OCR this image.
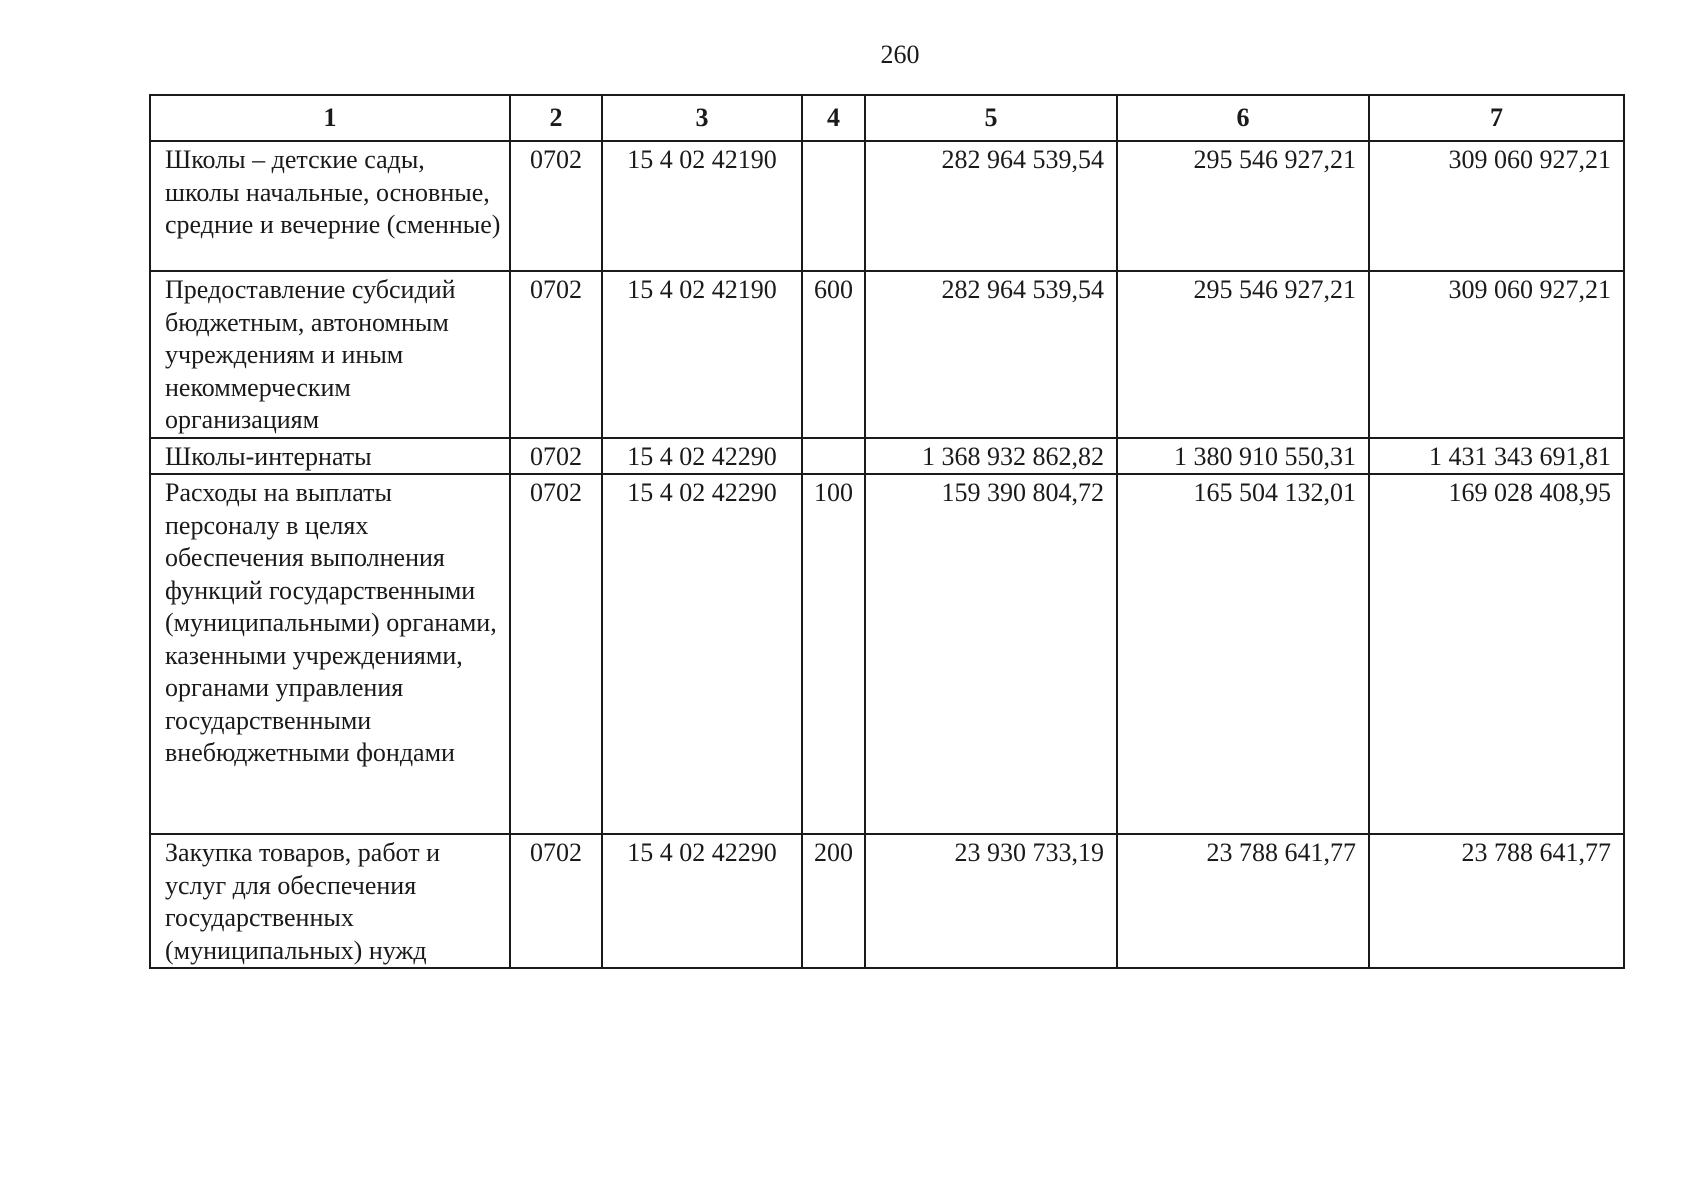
260
1	2	3	4	5	6	7
Школы – детские сады, школы начальные, основные, средние и вечерние (сменные)	0702	15 4 02 42190		282 964 539,54	295 546 927,21	309 060 927,21
Предоставление субсидий бюджетным, автономным учреждениям и иным некоммерческим организациям	0702	15 4 02 42190	600	282 964 539,54	295 546 927,21	309 060 927,21
Школы-интернаты	0702	15 4 02 42290		1 368 932 862,82	1 380 910 550,31	1 431 343 691,81
Расходы на выплаты персоналу в целях обеспечения выполнения функций государственными (муниципальными) органами, казенными учреждениями, органами управления государственными внебюджетными фондами	0702	15 4 02 42290	100	159 390 804,72	165 504 132,01	169 028 408,95
Закупка товаров, работ и услуг для обеспечения государственных (муниципальных) нужд	0702	15 4 02 42290	200	23 930 733,19	23 788 641,77	23 788 641,77
